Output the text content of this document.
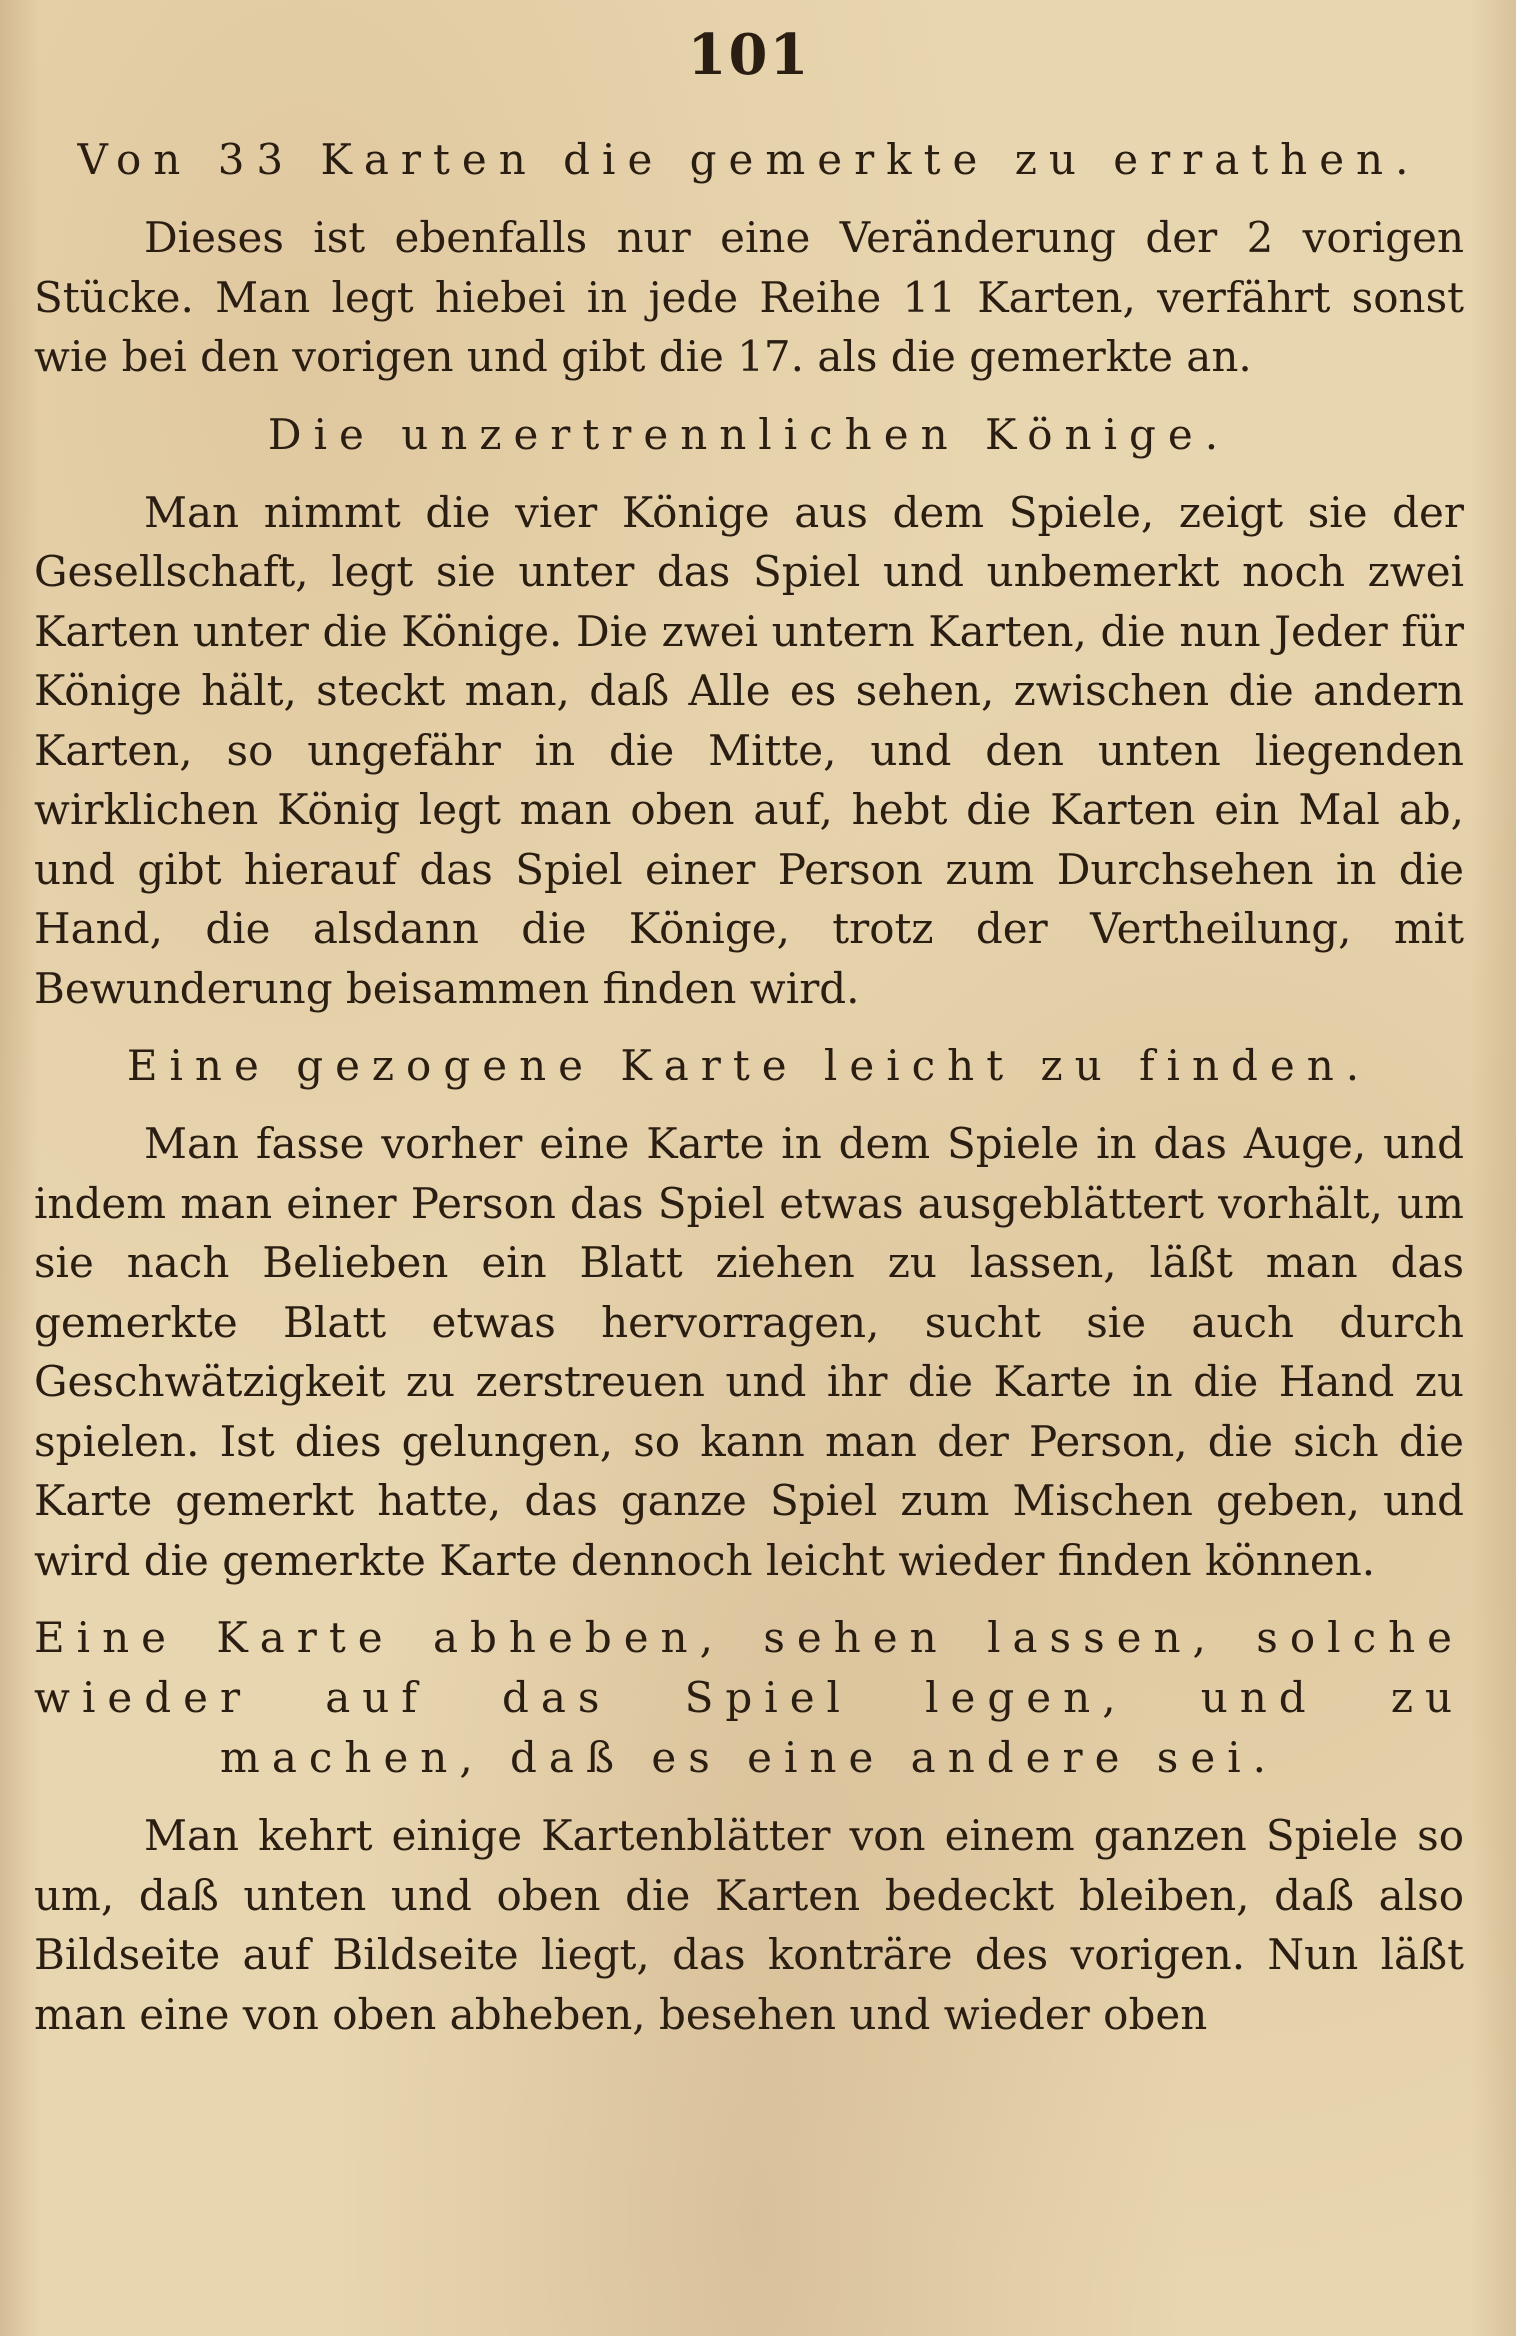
101
Von 33 Karten die gemerkte zu errathen.

Dieses ist ebenfalls nur eine Veränderung der 2 vorigen Stücke. Man legt hiebei in jede Reihe 11 Karten, verfährt sonst wie bei den vorigen und gibt die 17. als die gemerkte an.

Die unzertrennlichen Könige.

Man nimmt die vier Könige aus dem Spiele, zeigt sie der Gesellschaft, legt sie unter das Spiel und unbemerkt noch zwei Karten unter die Könige. Die zwei untern Karten, die nun Jeder für Könige hält, steckt man, daß Alle es sehen, zwischen die andern Karten, so ungefähr in die Mitte, und den unten liegenden wirklichen König legt man oben auf, hebt die Karten ein Mal ab, und gibt hierauf das Spiel einer Person zum Durchsehen in die Hand, die alsdann die Könige, trotz der Vertheilung, mit Bewunderung beisammen finden wird.

Eine gezogene Karte leicht zu finden.

Man fasse vorher eine Karte in dem Spiele in das Auge, und indem man einer Person das Spiel etwas ausgeblättert vorhält, um sie nach Belieben ein Blatt ziehen zu lassen, läßt man das gemerkte Blatt etwas hervorragen, sucht sie auch durch Geschwätzigkeit zu zerstreuen und ihr die Karte in die Hand zu spielen. Ist dies gelungen, so kann man der Person, die sich die Karte gemerkt hatte, das ganze Spiel zum Mischen geben, und wird die gemerkte Karte dennoch leicht wieder finden können.

Eine Karte abheben, sehen lassen, solche wieder auf das Spiel legen, und zu machen, daß es eine andere sei.

Man kehrt einige Kartenblätter von einem ganzen Spiele so um, daß unten und oben die Karten bedeckt bleiben, daß also Bildseite auf Bildseite liegt, das konträre des vorigen. Nun läßt man eine von oben abheben, besehen und wieder oben
